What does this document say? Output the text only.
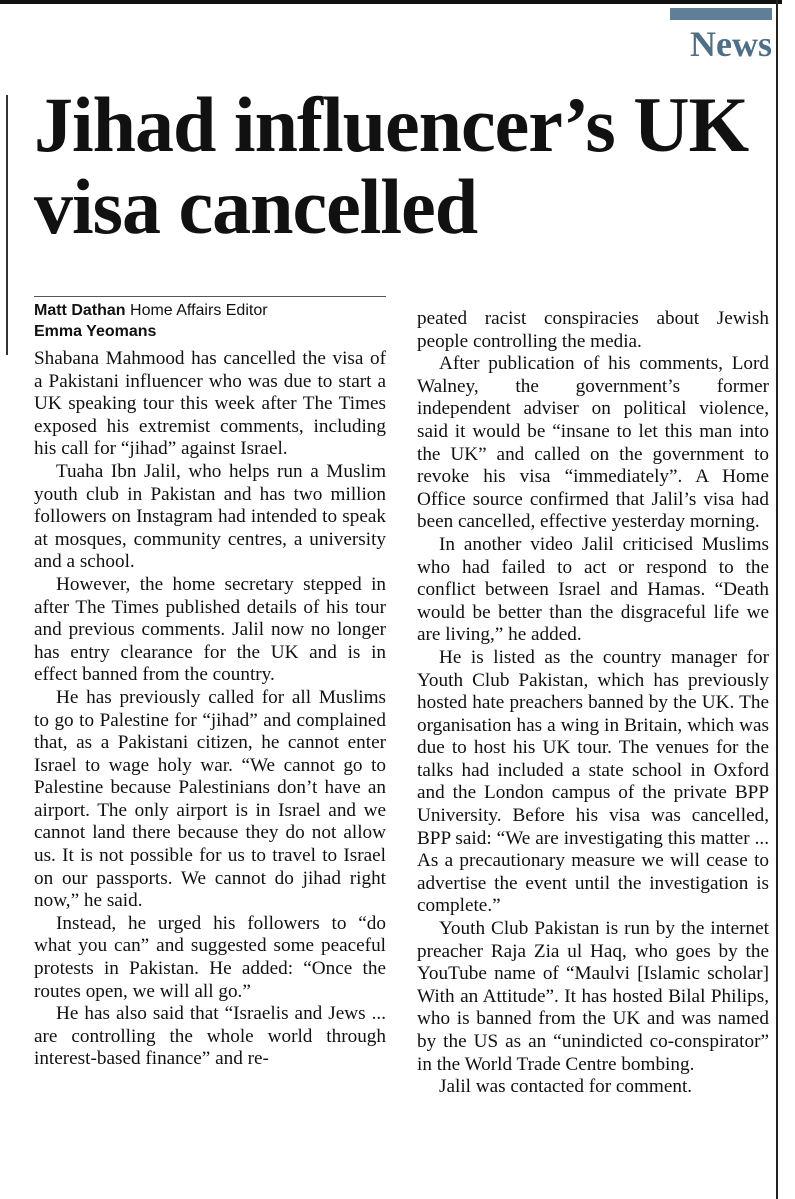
News
Jihad influencer’s UK visa cancelled
Matt Dathan Home Affairs Editor
Emma Yeomans

Shabana Mahmood has cancelled the visa of a Pakistani influencer who was due to start a UK speaking tour this week after The Times exposed his extremist comments, including his call for “jihad” against Israel.

Tuaha Ibn Jalil, who helps run a Muslim youth club in Pakistan and has two million followers on Instagram had intended to speak at mosques, community centres, a university and a school.

However, the home secretary stepped in after The Times published details of his tour and previous comments. Jalil now no longer has entry clearance for the UK and is in effect banned from the country.

He has previously called for all Muslims to go to Palestine for “jihad” and complained that, as a Pakistani citizen, he cannot enter Israel to wage holy war. “We cannot go to Palestine because Palestinians don’t have an airport. The only airport is in Israel and we cannot land there because they do not allow us. It is not possible for us to travel to Israel on our passports. We cannot do jihad right now,” he said.

Instead, he urged his followers to “do what you can” and suggested some peaceful protests in Pakistan. He added: “Once the routes open, we will all go.”

He has also said that “Israelis and Jews ... are controlling the whole world through interest-based finance” and re-

peated racist conspiracies about Jewish people controlling the media.

After publication of his comments, Lord Walney, the government’s former independent adviser on political violence, said it would be “insane to let this man into the UK” and called on the government to revoke his visa “immediately”. A Home Office source confirmed that Jalil’s visa had been cancelled, effective yesterday morning.

In another video Jalil criticised Muslims who had failed to act or respond to the conflict between Israel and Hamas. “Death would be better than the disgraceful life we are living,” he added.

He is listed as the country manager for Youth Club Pakistan, which has previously hosted hate preachers banned by the UK. The organisation has a wing in Britain, which was due to host his UK tour. The venues for the talks had included a state school in Oxford and the London campus of the private BPP University. Before his visa was cancelled, BPP said: “We are investigating this matter ... As a precautionary measure we will cease to advertise the event until the investigation is complete.”

Youth Club Pakistan is run by the internet preacher Raja Zia ul Haq, who goes by the YouTube name of “Maulvi [Islamic scholar] With an Attitude”. It has hosted Bilal Philips, who is banned from the UK and was named by the US as an “unindicted co-conspirator” in the World Trade Centre bombing.

Jalil was contacted for comment.
